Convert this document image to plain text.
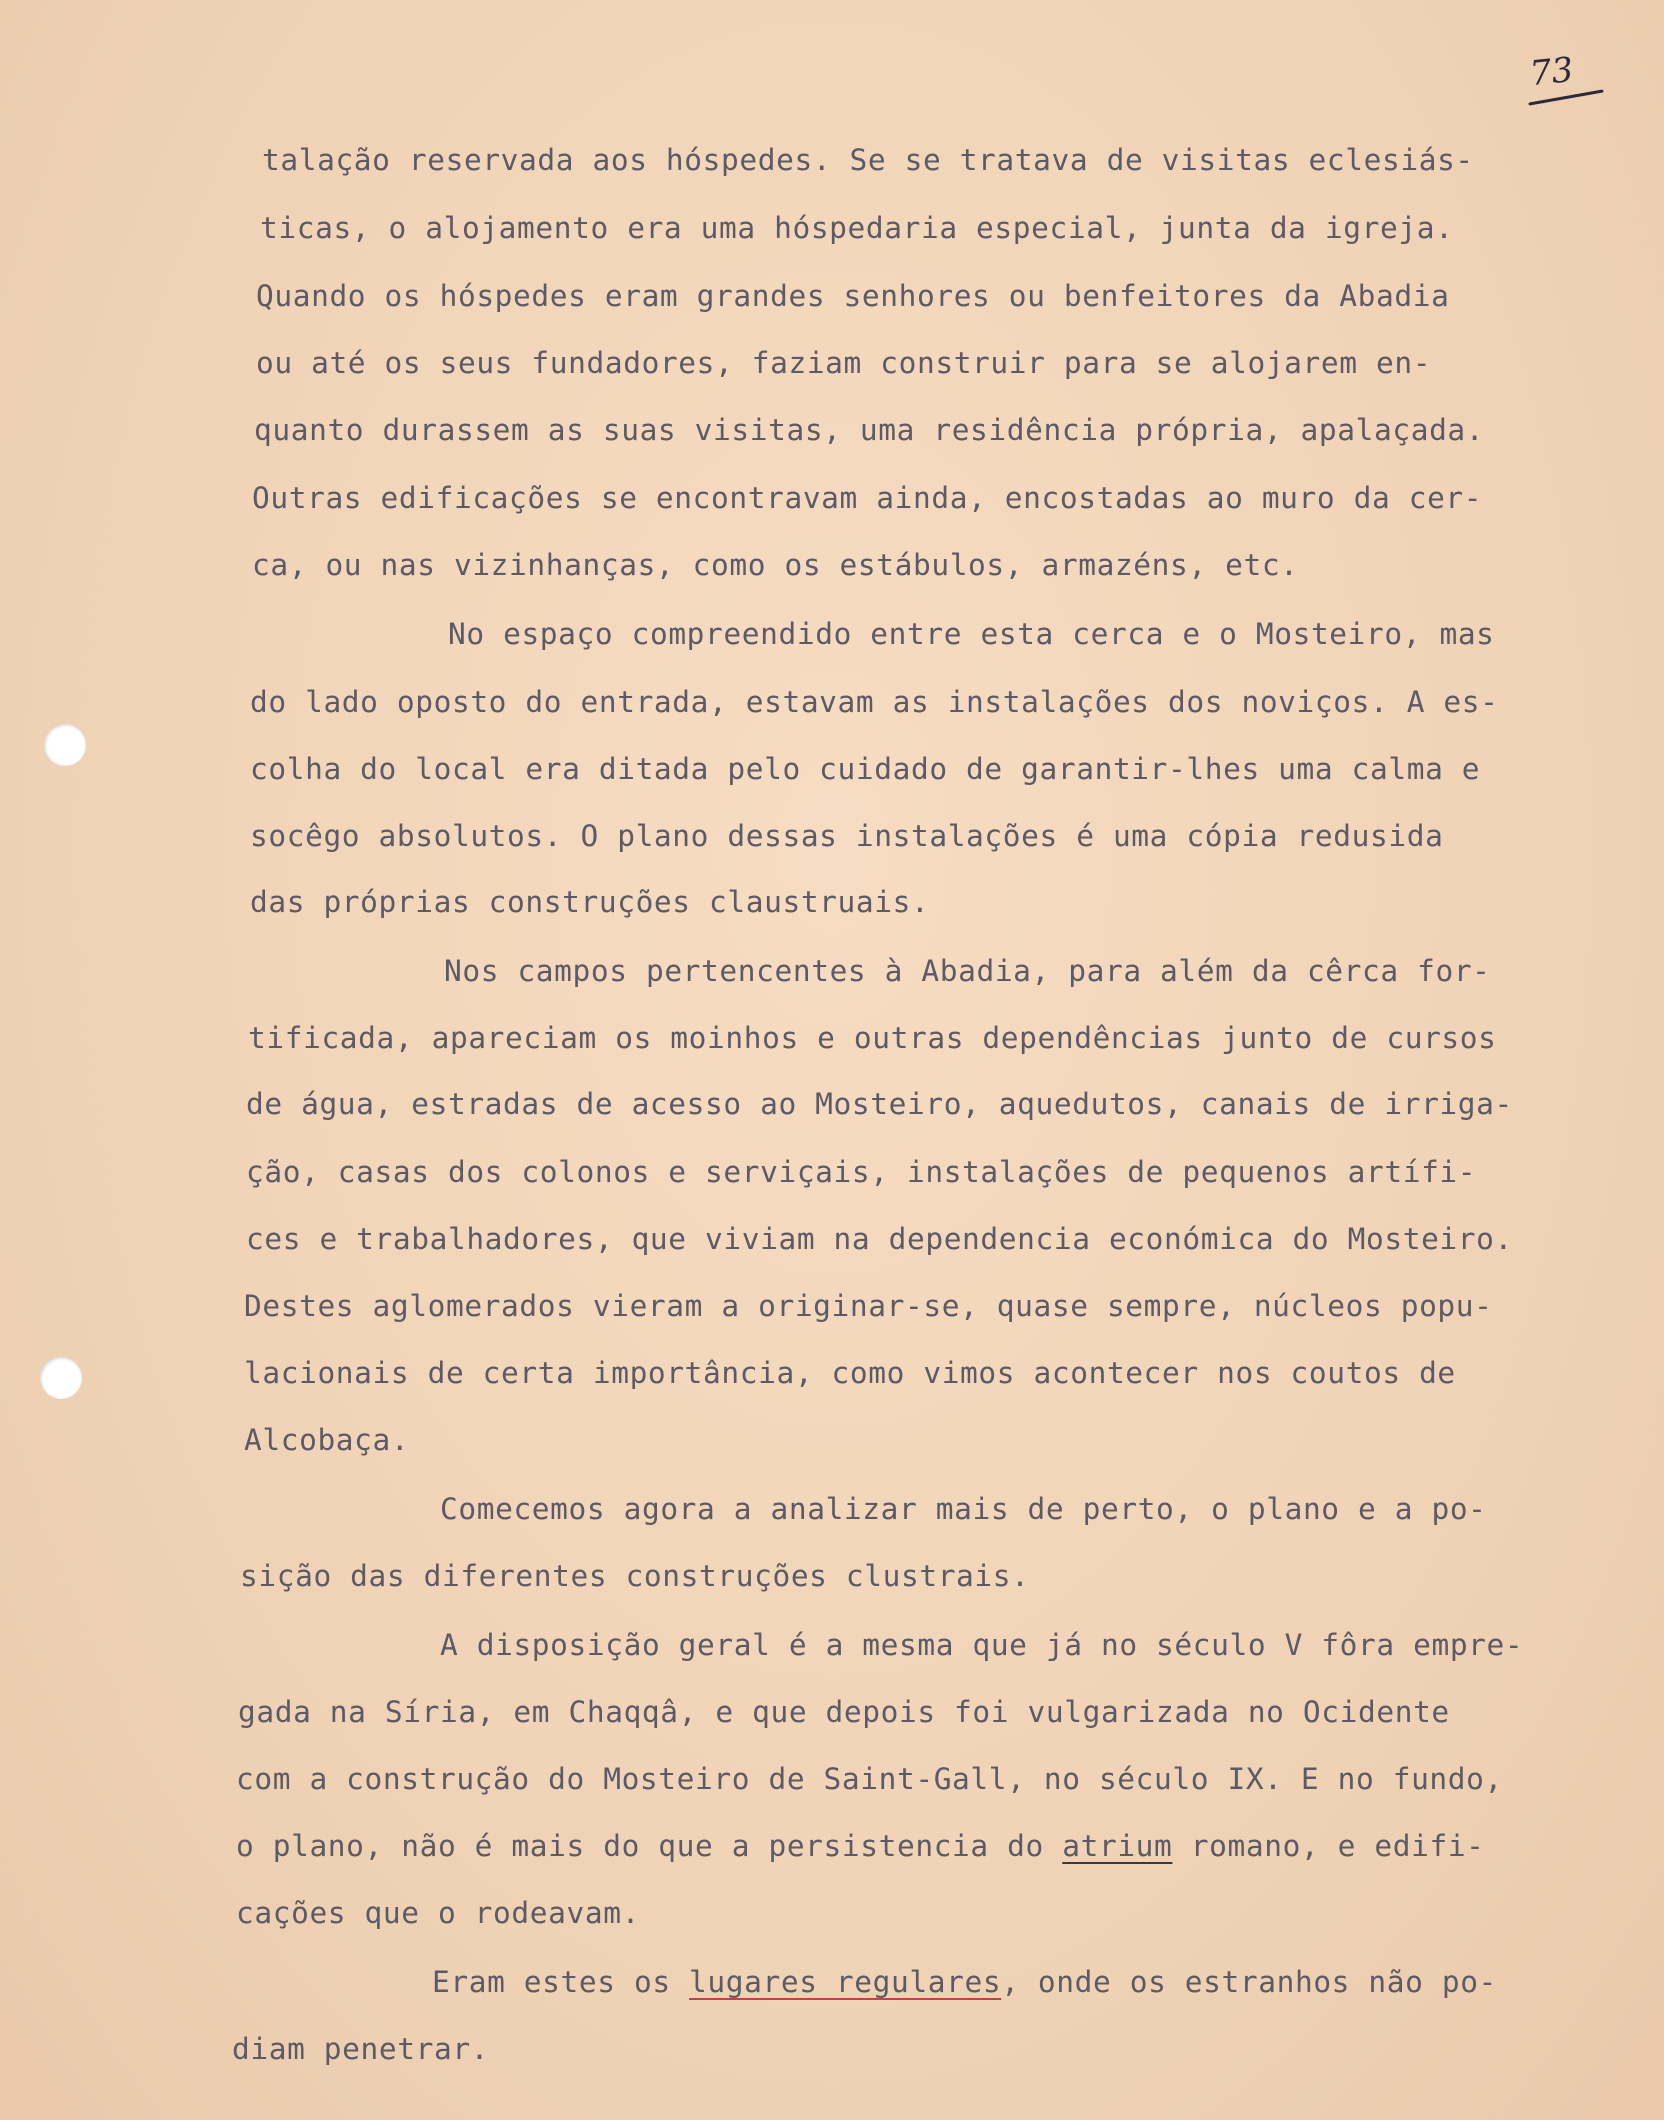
73
talação reservada aos hóspedes. Se se tratava de visitas eclesiás-
ticas, o alojamento era uma hóspedaria especial, junta da igreja.
Quando os hóspedes eram grandes senhores ou benfeitores da Abadia
ou até os seus fundadores, faziam construir para se alojarem en-
quanto durassem as suas visitas, uma residência própria, apalaçada.
Outras edificações se encontravam ainda, encostadas ao muro da cer-
ca, ou nas vizinhanças, como os estábulos, armazéns, etc.
No espaço compreendido entre esta cerca e o Mosteiro, mas
do lado oposto do entrada, estavam as instalações dos noviços. A es-
colha do local era ditada pelo cuidado de garantir-lhes uma calma e
socêgo absolutos. O plano dessas instalações é uma cópia redusida
das próprias construções claustruais.
Nos campos pertencentes à Abadia, para além da cêrca for-
tificada, apareciam os moinhos e outras dependências junto de cursos
de água, estradas de acesso ao Mosteiro, aquedutos, canais de irriga-
ção, casas dos colonos e serviçais, instalações de pequenos artífi-
ces e trabalhadores, que viviam na dependencia económica do Mosteiro.
Destes aglomerados vieram a originar-se, quase sempre, núcleos popu-
lacionais de certa importância, como vimos acontecer nos coutos de
Alcobaça.
Comecemos agora a analizar mais de perto, o plano e a po-
sição das diferentes construções clustrais.
A disposição geral é a mesma que já no século V fôra empre-
gada na Síria, em Chaqqâ, e que depois foi vulgarizada no Ocidente
com a construção do Mosteiro de Saint-Gall, no século IX. E no fundo,
o plano, não é mais do que a persistencia do atrium romano, e edifi-
cações que o rodeavam.
Eram estes os lugares regulares, onde os estranhos não po-
diam penetrar.
